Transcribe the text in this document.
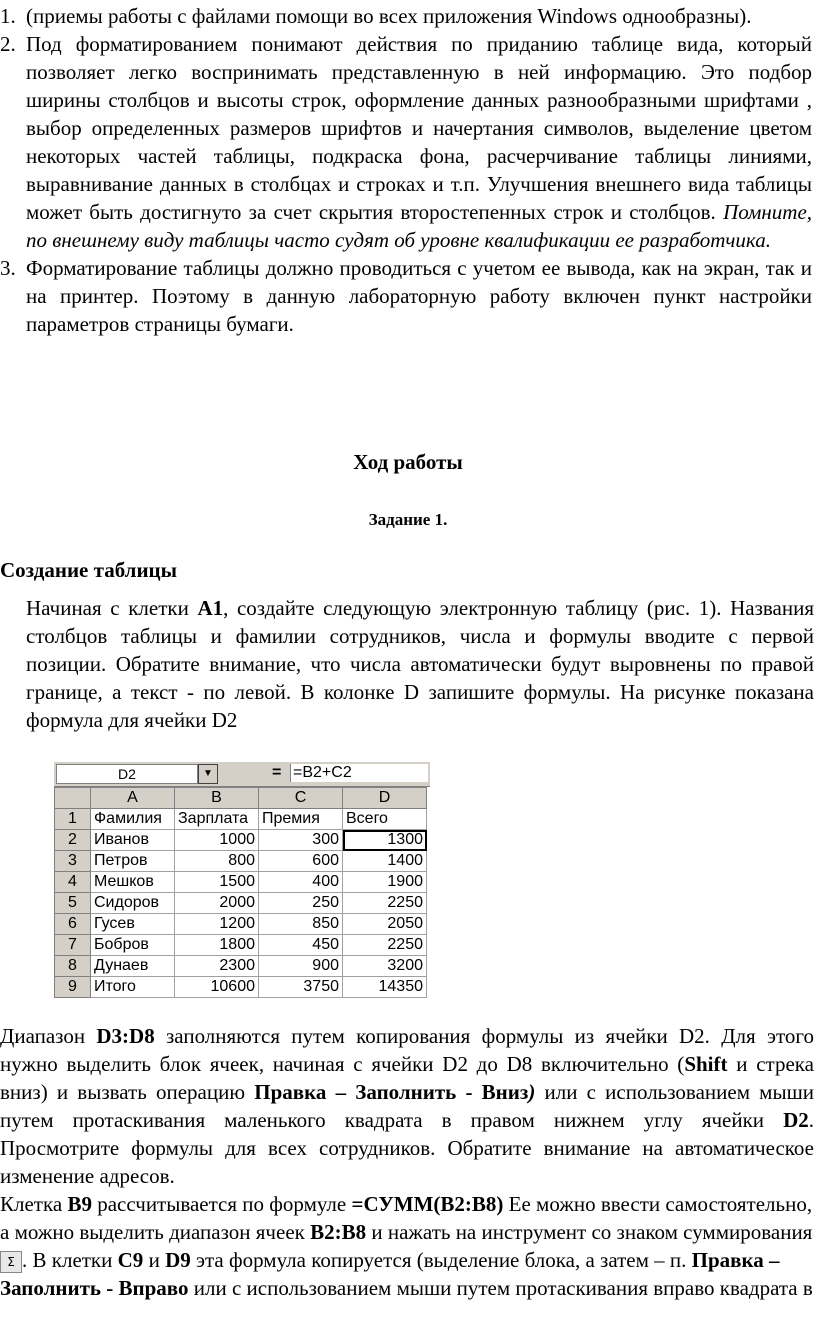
1. (приемы работы с файлами помощи во всех приложения Windows однообразны).
2. Под форматированием понимают действия по приданию таблице вида, который позволяет легко воспринимать представленную в ней информацию. Это подбор ширины столбцов и высоты строк, оформление данных разнообразными шрифтами , выбор определенных размеров шрифтов и начертания символов, выделение цветом некоторых частей таблицы, подкраска фона, расчерчивание таблицы линиями, выравнивание данных в столбцах и строках и т.п. Улучшения внешнего вида таблицы может быть достигнуто за счет скрытия второстепенных строк и столбцов. Помните, по внешнему виду таблицы часто судят об уровне квалификации ее разработчика.
3. Форматирование таблицы должно проводиться с учетом ее вывода, как на экран, так и на принтер. Поэтому в данную лабораторную работу включен пункт настройки параметров страницы бумаги.
Ход работы
Задание 1.
Создание таблицы
Начиная с клетки A1, создайте следующую электронную таблицу (рис. 1). Названия столбцов таблицы и фамилии сотрудников, числа и формулы вводите с первой позиции. Обратите внимание, что числа автоматически будут выровнены по правой границе, а текст - по левой. В колонке D запишите формулы. На рисунке показана формула для ячейки D2
D2	▼	= =B2+C2
	A	B	C	D
1	Фамилия	Зарплата	Премия	Всего
2	Иванов	1000	300	1300
3	Петров	800	600	1400
4	Мешков	1500	400	1900
5	Сидоров	2000	250	2250
6	Гусев	1200	850	2050
7	Бобров	1800	450	2250
8	Дунаев	2300	900	3200
9	Итого	10600	3750	14350
Диапазон D3:D8 заполняются путем копирования формулы из ячейки D2. Для этого нужно выделить блок ячеек, начиная с ячейки D2 до D8 включительно (Shift и стрека вниз) и вызвать операцию Правка – Заполнить - Вниз) или с использованием мыши путем протаскивания маленького квадрата в правом нижнем углу ячейки D2. Просмотрите формулы для всех сотрудников. Обратите внимание на автоматическое изменение адресов.
Клетка B9 рассчитывается по формуле =СУММ(B2:B8) Ее можно ввести самостоятельно, а можно выделить диапазон ячеек B2:B8 и нажать на инструмент со знаком суммирования Σ . В клетки C9 и D9 эта формула копируется (выделение блока, а затем – п. Правка – Заполнить - Вправо или с использованием мыши путем протаскивания вправо квадрата в
